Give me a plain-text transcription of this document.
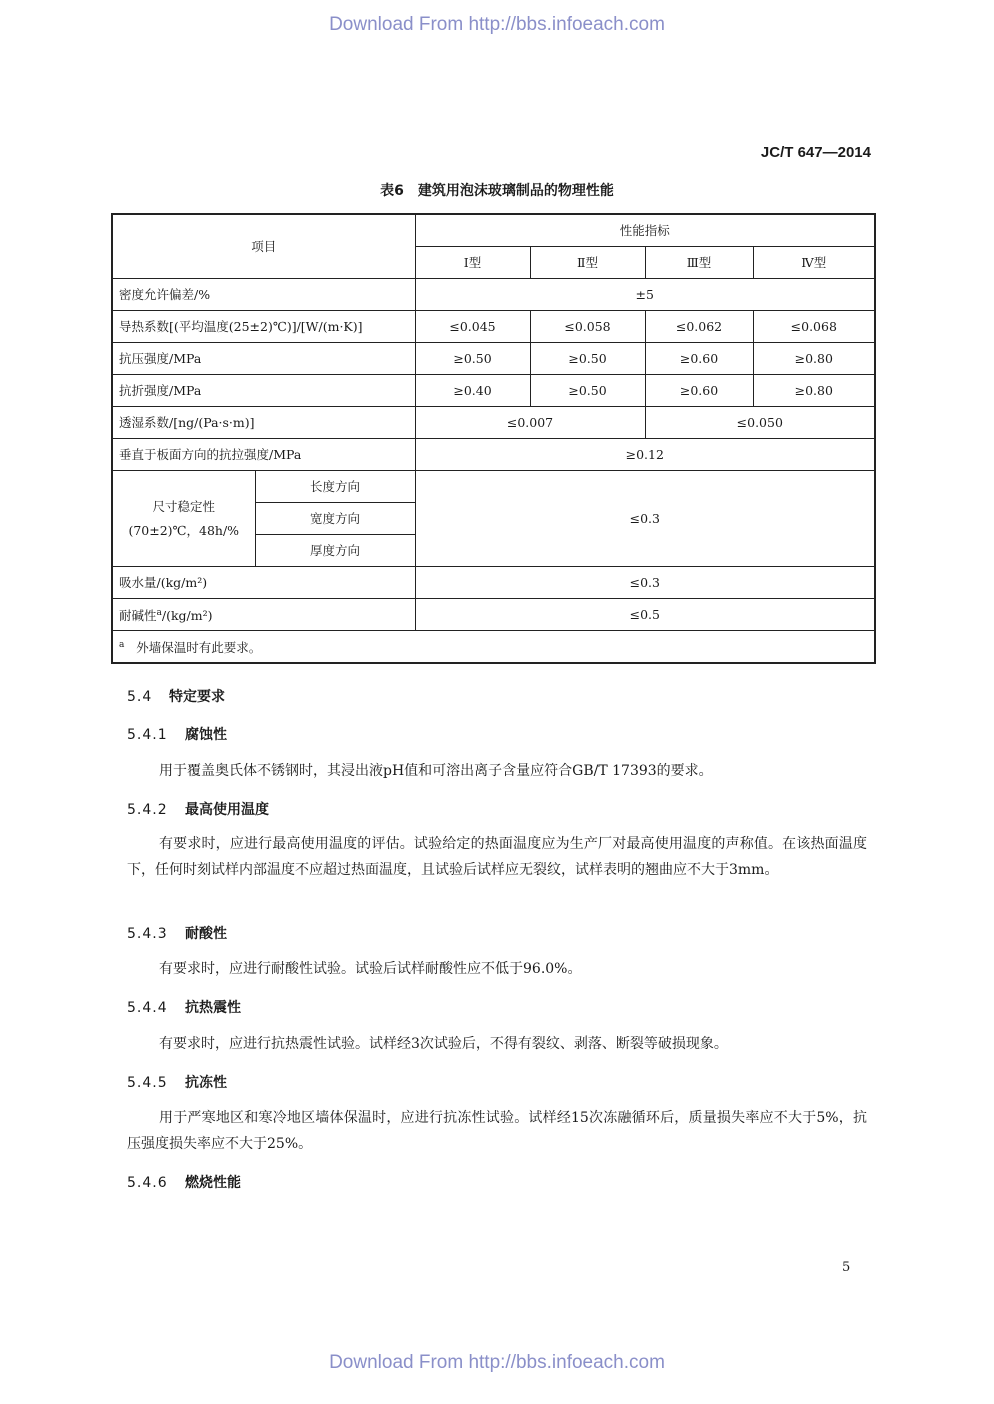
Download From http://bbs.infoeach.com
JC/T 647—2014
表6　建筑用泡沫玻璃制品的物理性能
项目		性能指标			
		Ⅰ型	Ⅱ型	Ⅲ型	Ⅳ型
密度允许偏差/%		±5			
导热系数[(平均温度(25±2)℃)]/[W/(m·K)]		≤0.045	≤0.058	≤0.062	≤0.068
抗压强度/MPa		≥0.50	≥0.50	≥0.60	≥0.80
抗折强度/MPa		≥0.40	≥0.50	≥0.60	≥0.80
透湿系数/[ng/(Pa·s·m)]		≤0.007		≤0.050	
垂直于板面方向的抗拉强度/MPa		≥0.12			
尺寸稳定性
(70±2)℃，48h/%	长度方向	≤0.3			
	宽度方向				
	厚度方向				
吸水量/(kg/m²)		≤0.3			
耐碱性$^a$/(kg/m²)		≤0.5			
$^a$ 外墙保温时有此要求。					
5.4 特定要求
5.4.1 腐蚀性
用于覆盖奥氏体不锈钢时，其浸出液pH值和可溶出离子含量应符合GB/T 17393的要求。
5.4.2 最高使用温度
有要求时，应进行最高使用温度的评估。试验给定的热面温度应为生产厂对最高使用温度的声称值。在该热面温度下，任何时刻试样内部温度不应超过热面温度，且试验后试样应无裂纹，试样表明的翘曲应不大于3mm。
5.4.3 耐酸性
有要求时，应进行耐酸性试验。试验后试样耐酸性应不低于96.0%。
5.4.4 抗热震性
有要求时，应进行抗热震性试验。试样经3次试验后，不得有裂纹、剥落、断裂等破损现象。
5.4.5 抗冻性
用于严寒地区和寒冷地区墙体保温时，应进行抗冻性试验。试样经15次冻融循环后，质量损失率应不大于5%，抗压强度损失率应不大于25%。
5.4.6 燃烧性能
5
Download From http://bbs.infoeach.com
